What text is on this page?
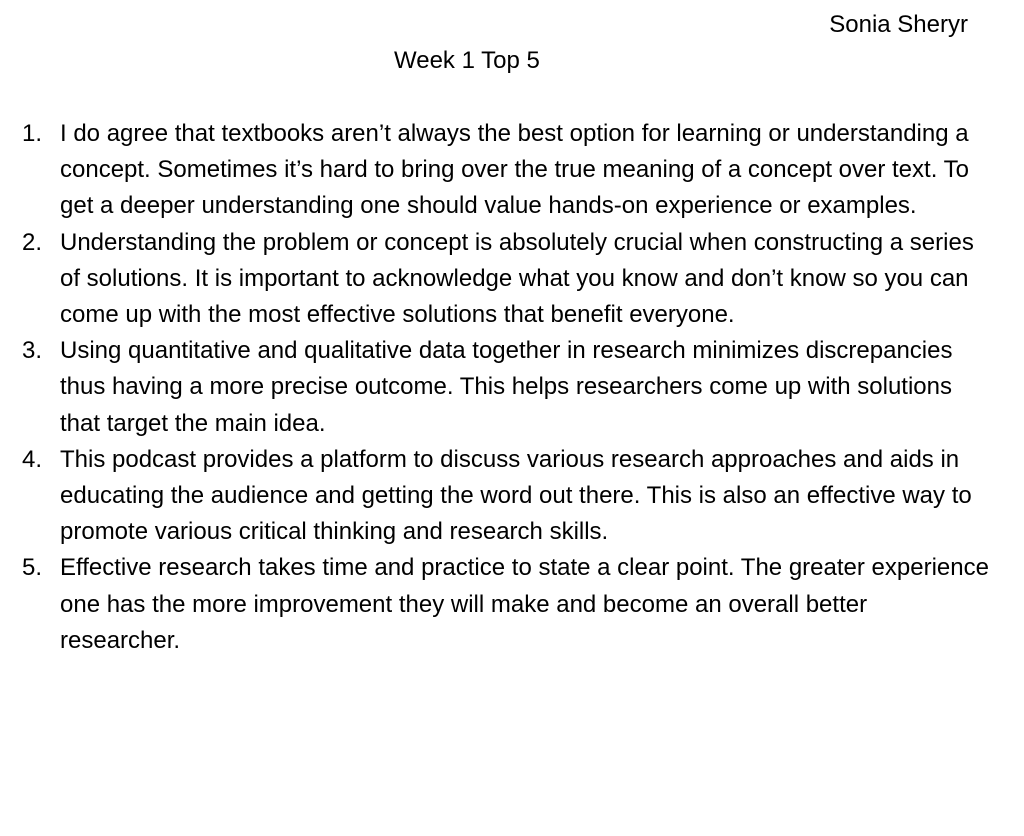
Sonia Sheryr
Week 1 Top 5
1. I do agree that textbooks aren’t always the best option for learning or understanding a concept. Sometimes it’s hard to bring over the true meaning of a concept over text. To get a deeper understanding one should value hands-on experience or examples.
2. Understanding the problem or concept is absolutely crucial when constructing a series of solutions. It is important to acknowledge what you know and don’t know so you can come up with the most effective solutions that benefit everyone.
3. Using quantitative and qualitative data together in research minimizes discrepancies thus having a more precise outcome. This helps researchers come up with solutions that target the main idea.
4. This podcast provides a platform to discuss various research approaches and aids in educating the audience and getting the word out there. This is also an effective way to promote various critical thinking and research skills.
5. Effective research takes time and practice to state a clear point. The greater experience one has the more improvement they will make and become an overall better researcher.
